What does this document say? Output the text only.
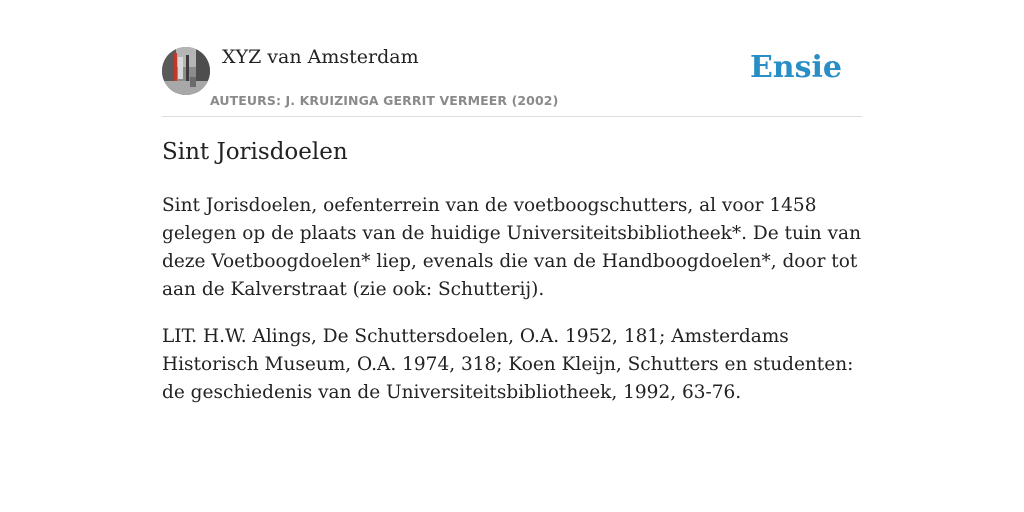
XYZ van Amsterdam
AUTEURS: J. KRUIZINGA GERRIT VERMEER (2002)
Ensie
Sint Jorisdoelen

Sint Jorisdoelen, oefenterrein van de voetboogschutters, al voor 1458 gelegen op de plaats van de huidige Universiteitsbibliotheek*. De tuin van deze Voetboogdoelen* liep, evenals die van de Handboogdoelen*, door tot aan de Kalverstraat (zie ook: Schutterij).

LIT. H.W. Alings, De Schuttersdoelen, O.A. 1952, 181; Amsterdams Historisch Museum, O.A. 1974, 318; Koen Kleijn, Schutters en studenten: de geschiedenis van de Universiteitsbibliotheek, 1992, 63-76.
